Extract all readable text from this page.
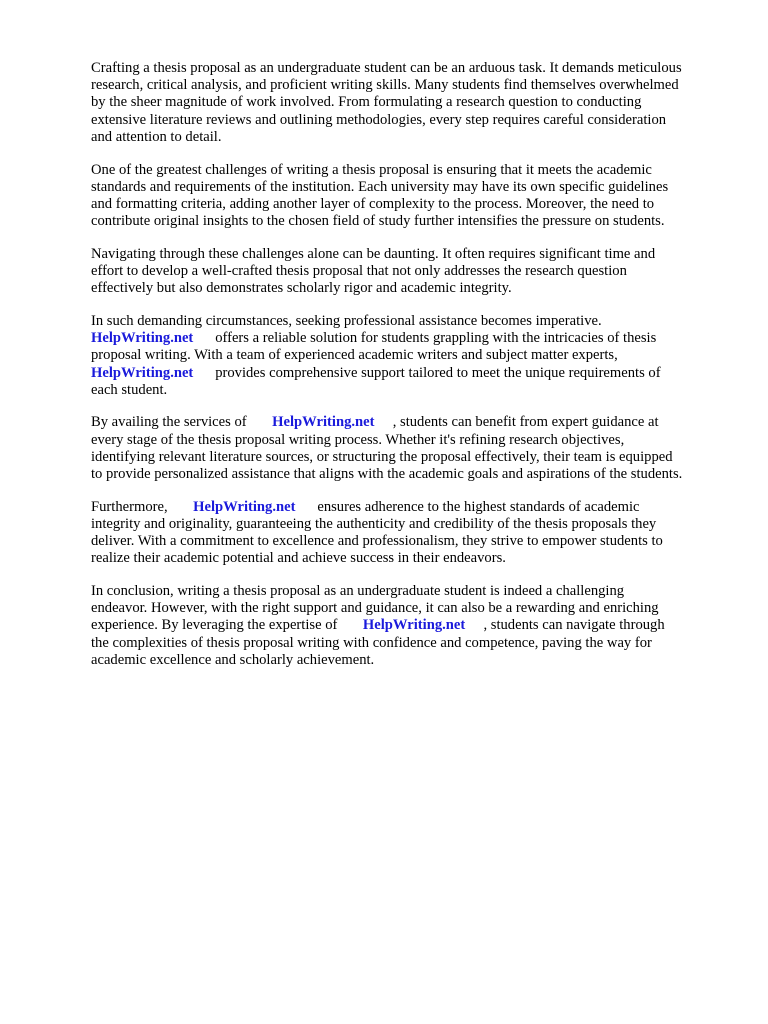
Crafting a thesis proposal as an undergraduate student can be an arduous task. It demands meticulous
research, critical analysis, and proficient writing skills. Many students find themselves overwhelmed
by the sheer magnitude of work involved. From formulating a research question to conducting
extensive literature reviews and outlining methodologies, every step requires careful consideration
and attention to detail.

One of the greatest challenges of writing a thesis proposal is ensuring that it meets the academic
standards and requirements of the institution. Each university may have its own specific guidelines
and formatting criteria, adding another layer of complexity to the process. Moreover, the need to
contribute original insights to the chosen field of study further intensifies the pressure on students.

Navigating through these challenges alone can be daunting. It often requires significant time and
effort to develop a well-crafted thesis proposal that not only addresses the research question
effectively but also demonstrates scholarly rigor and academic integrity.

In such demanding circumstances, seeking professional assistance becomes imperative.
HelpWriting.net offers a reliable solution for students grappling with the intricacies of thesis
proposal writing. With a team of experienced academic writers and subject matter experts,
HelpWriting.net provides comprehensive support tailored to meet the unique requirements of
each student.

By availing the services of HelpWriting.net , students can benefit from expert guidance at
every stage of the thesis proposal writing process. Whether it's refining research objectives,
identifying relevant literature sources, or structuring the proposal effectively, their team is equipped
to provide personalized assistance that aligns with the academic goals and aspirations of the students.

Furthermore, HelpWriting.net ensures adherence to the highest standards of academic
integrity and originality, guaranteeing the authenticity and credibility of the thesis proposals they
deliver. With a commitment to excellence and professionalism, they strive to empower students to
realize their academic potential and achieve success in their endeavors.

In conclusion, writing a thesis proposal as an undergraduate student is indeed a challenging
endeavor. However, with the right support and guidance, it can also be a rewarding and enriching
experience. By leveraging the expertise of HelpWriting.net , students can navigate through
the complexities of thesis proposal writing with confidence and competence, paving the way for
academic excellence and scholarly achievement.
